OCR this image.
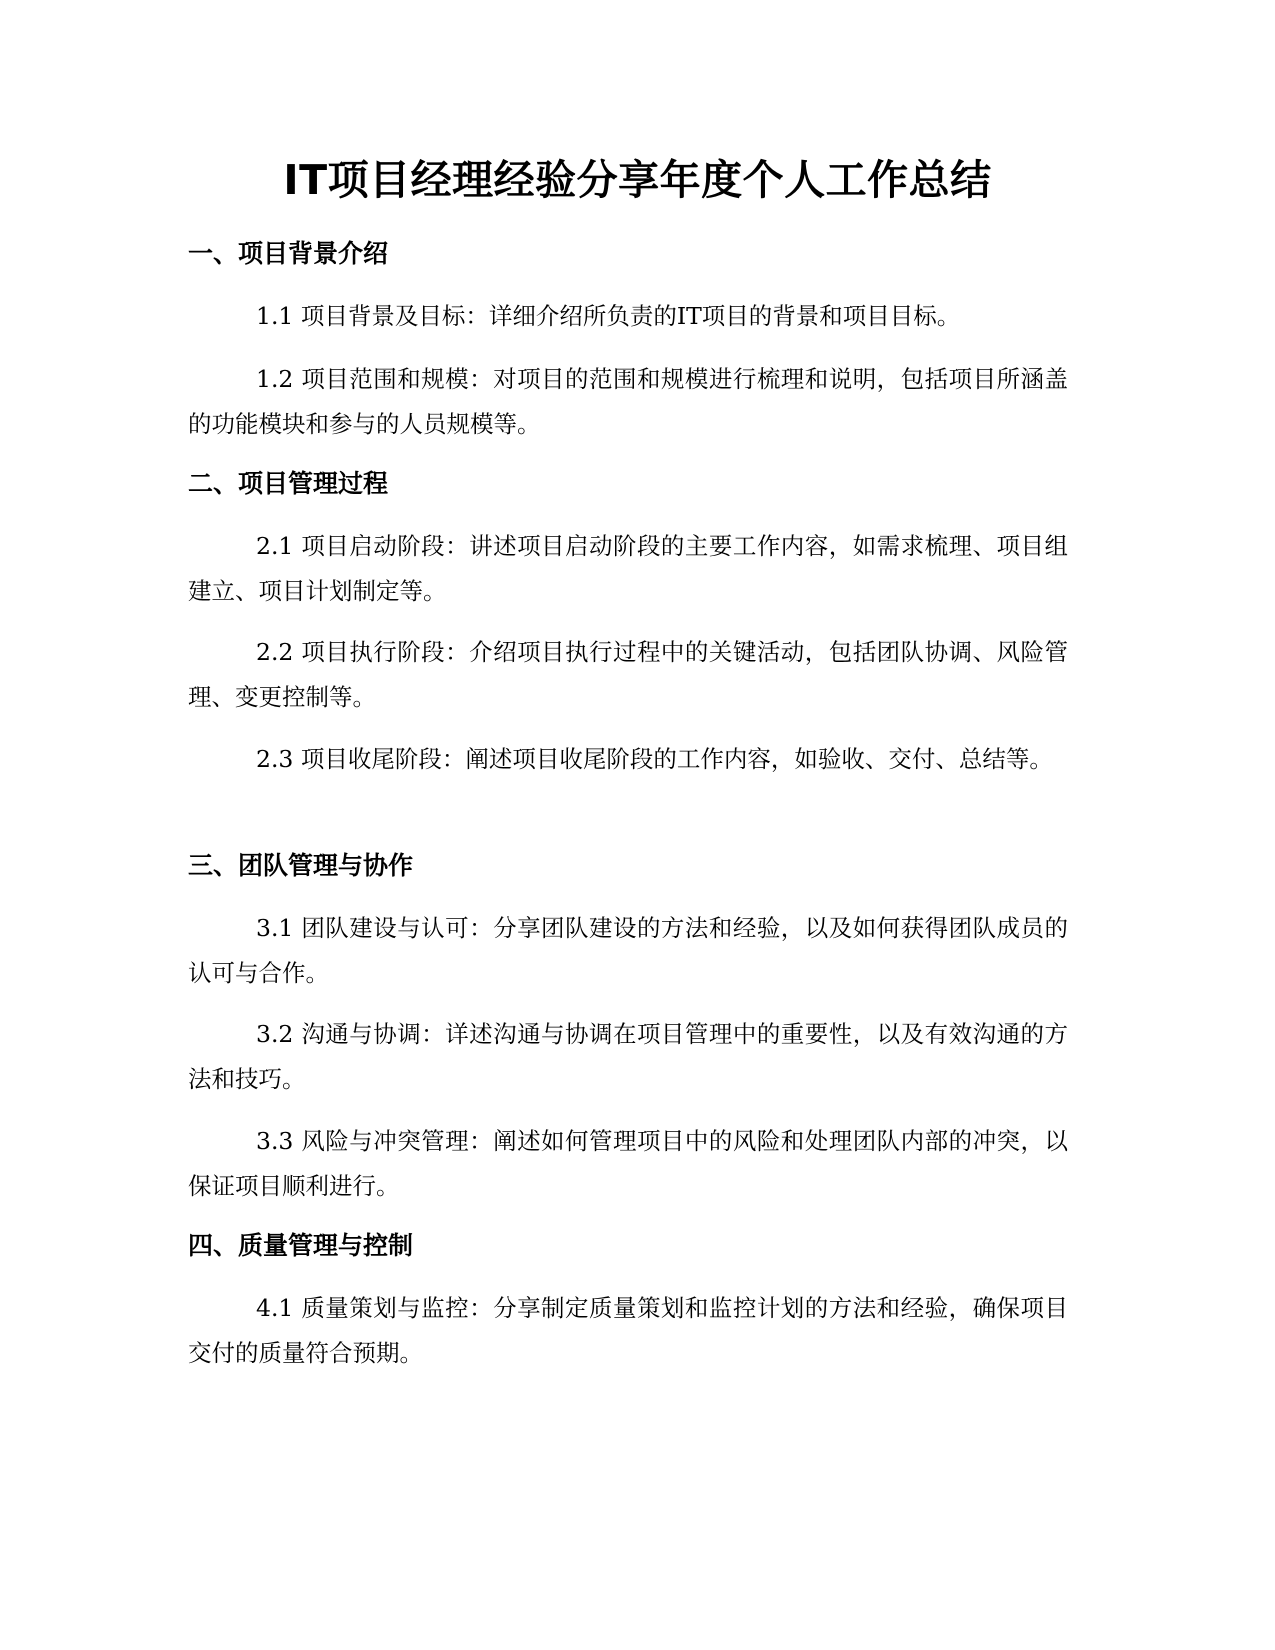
IT项目经理经验分享年度个人工作总结
一、项目背景介绍

1.1 项目背景及目标：详细介绍所负责的IT项目的背景和项目目标。

1.2 项目范围和规模：对项目的范围和规模进行梳理和说明，包括项目所涵盖的功能模块和参与的人员规模等。

二、项目管理过程

2.1 项目启动阶段：讲述项目启动阶段的主要工作内容，如需求梳理、项目组建立、项目计划制定等。

2.2 项目执行阶段：介绍项目执行过程中的关键活动，包括团队协调、风险管理、变更控制等。

2.3 项目收尾阶段：阐述项目收尾阶段的工作内容，如验收、交付、总结等。

三、团队管理与协作

3.1 团队建设与认可：分享团队建设的方法和经验，以及如何获得团队成员的认可与合作。

3.2 沟通与协调：详述沟通与协调在项目管理中的重要性，以及有效沟通的方法和技巧。

3.3 风险与冲突管理：阐述如何管理项目中的风险和处理团队内部的冲突，以保证项目顺利进行。

四、质量管理与控制

4.1 质量策划与监控：分享制定质量策划和监控计划的方法和经验，确保项目交付的质量符合预期。
